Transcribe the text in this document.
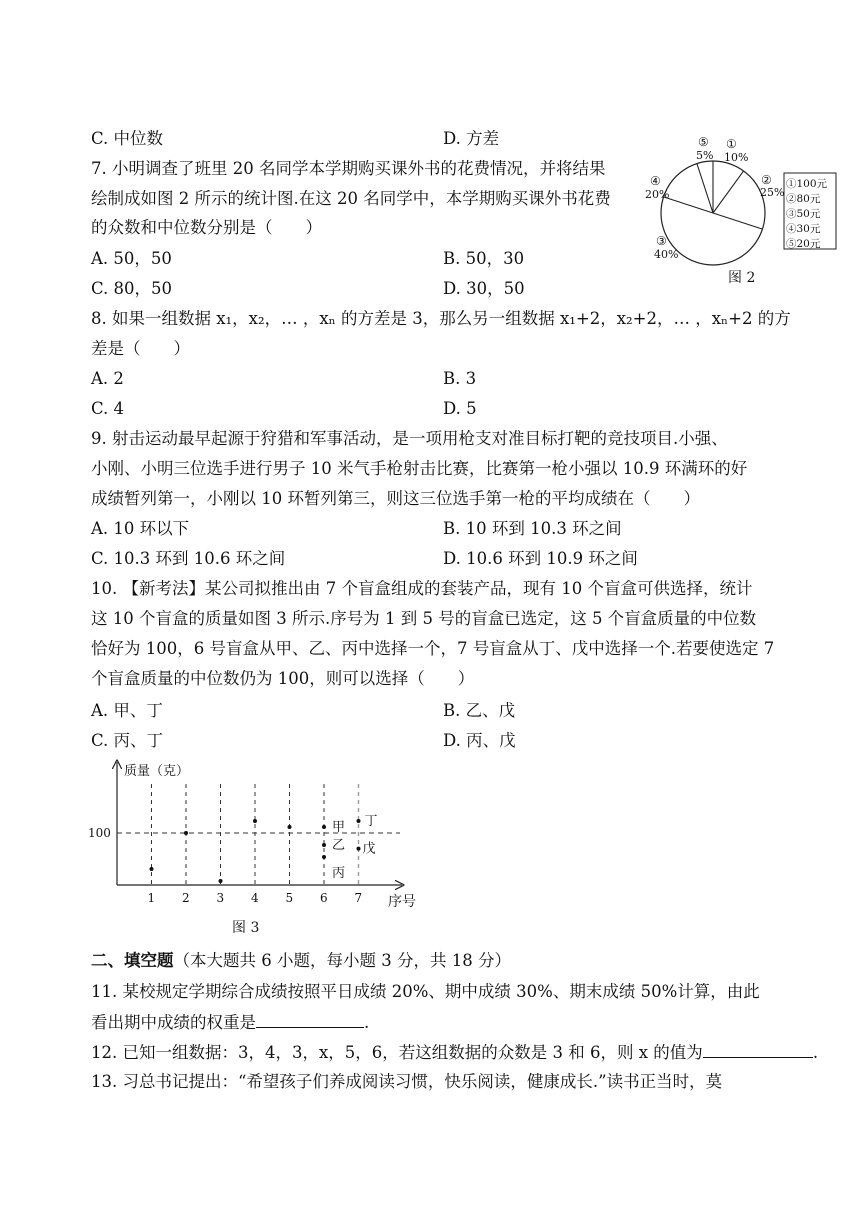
C. 中位数	D. 方差
7. 小明调查了班里 20 名同学本学期购买课外书的花费情况，并将结果
绘制成如图 2 所示的统计图.在这 20 名同学中，本学期购买课外书花费
的众数和中位数分别是（　　）
A. 50，50	B. 50，30
C. 80，50	D. 30，50
①
10%
②
25%
③
40%
④
20%
⑤
5%
①100元
②80元
③50元
④30元
⑤20元
图 2
8. 如果一组数据 x₁，x₂，… ，xₙ 的方差是 3，那么另一组数据 x₁+2，x₂+2，… ，xₙ+2 的方
差是（　　）
A. 2	B. 3
C. 4	D. 5
9. 射击运动最早起源于狩猎和军事活动，是一项用枪支对准目标打靶的竞技项目.小强、
小刚、小明三位选手进行男子 10 米气手枪射击比赛，比赛第一枪小强以 10.9 环满环的好
成绩暂列第一，小刚以 10 环暂列第三，则这三位选手第一枪的平均成绩在（　　）
A. 10 环以下	B. 10 环到 10.3 环之间
C. 10.3 环到 10.6 环之间	D. 10.6 环到 10.9 环之间
10. 【新考法】某公司拟推出由 7 个盲盒组成的套装产品，现有 10 个盲盒可供选择，统计
这 10 个盲盒的质量如图 3 所示.序号为 1 到 5 号的盲盒已选定，这 5 个盲盒质量的中位数
恰好为 100，6 号盲盒从甲、乙、丙中选择一个，7 号盲盒从丁、戊中选择一个.若要使选定 7
个盲盒质量的中位数仍为 100，则可以选择（　　）
A. 甲、丁	B. 乙、戊
C. 丙、丁	D. 丙、戊
质量（克）
序号
100
1 2 3 4 5 6 7
甲
乙
丙
丁
戊
图 3
二、填空题（本大题共 6 小题，每小题 3 分，共 18 分）
11. 某校规定学期综合成绩按照平日成绩 20%、期中成绩 30%、期末成绩 50%计算，由此
看出期中成绩的权重是	.
12. 已知一组数据：3，4，3，x，5，6，若这组数据的众数是 3 和 6，则 x 的值为	.
13. 习总书记提出：“希望孩子们养成阅读习惯，快乐阅读，健康成长.”读书正当时，莫
